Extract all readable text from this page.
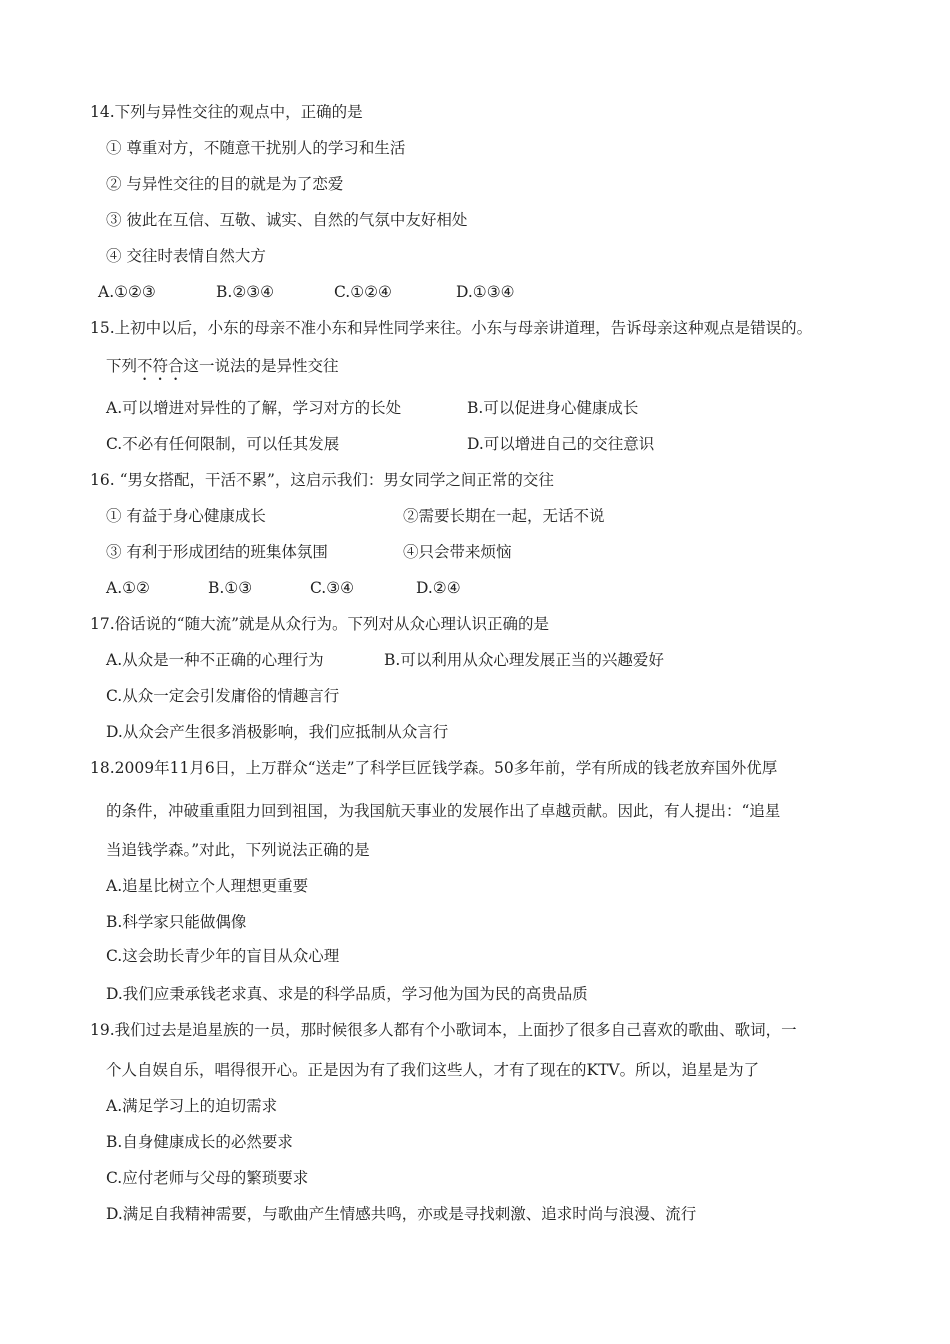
14.下列与异性交往的观点中，正确的是
① 尊重对方，不随意干扰别人的学习和生活
② 与异性交往的目的就是为了恋爱
③ 彼此在互信、互敬、诚实、自然的气氛中友好相处
④ 交往时表情自然大方
A.①②③	B.②③④	C.①②④	D.①③④
15.上初中以后，小东的母亲不准小东和异性同学来往。小东与母亲讲道理，告诉母亲这种观点是错误的。
下列不符合这一说法的是异性交往
A.可以增进对异性的了解，学习对方的长处	B.可以促进身心健康成长
C.不必有任何限制，可以任其发展	D.可以增进自己的交往意识
16. “男女搭配，干活不累”，这启示我们：男女同学之间正常的交往
① 有益于身心健康成长	②需要长期在一起，无话不说
③ 有利于形成团结的班集体氛围	④只会带来烦恼
A.①②	B.①③	C.③④	D.②④
17.俗话说的“随大流”就是从众行为。下列对从众心理认识正确的是
A.从众是一种不正确的心理行为	B.可以利用从众心理发展正当的兴趣爱好
C.从众一定会引发庸俗的情趣言行
D.从众会产生很多消极影响，我们应抵制从众言行
18.2009年11月6日，上万群众“送走”了科学巨匠钱学森。50多年前，学有所成的钱老放弃国外优厚
的条件，冲破重重阻力回到祖国，为我国航天事业的发展作出了卓越贡献。因此，有人提出：“追星
当追钱学森。”对此，下列说法正确的是
A.追星比树立个人理想更重要
B.科学家只能做偶像
C.这会助长青少年的盲目从众心理
D.我们应秉承钱老求真、求是的科学品质，学习他为国为民的高贵品质
19.我们过去是追星族的一员，那时候很多人都有个小歌词本，上面抄了很多自己喜欢的歌曲、歌词，一
个人自娱自乐，唱得很开心。正是因为有了我们这些人，才有了现在的KTV。所以，追星是为了
A.满足学习上的迫切需求
B.自身健康成长的必然要求
C.应付老师与父母的繁琐要求
D.满足自我精神需要，与歌曲产生情感共鸣，亦或是寻找刺激、追求时尚与浪漫、流行
